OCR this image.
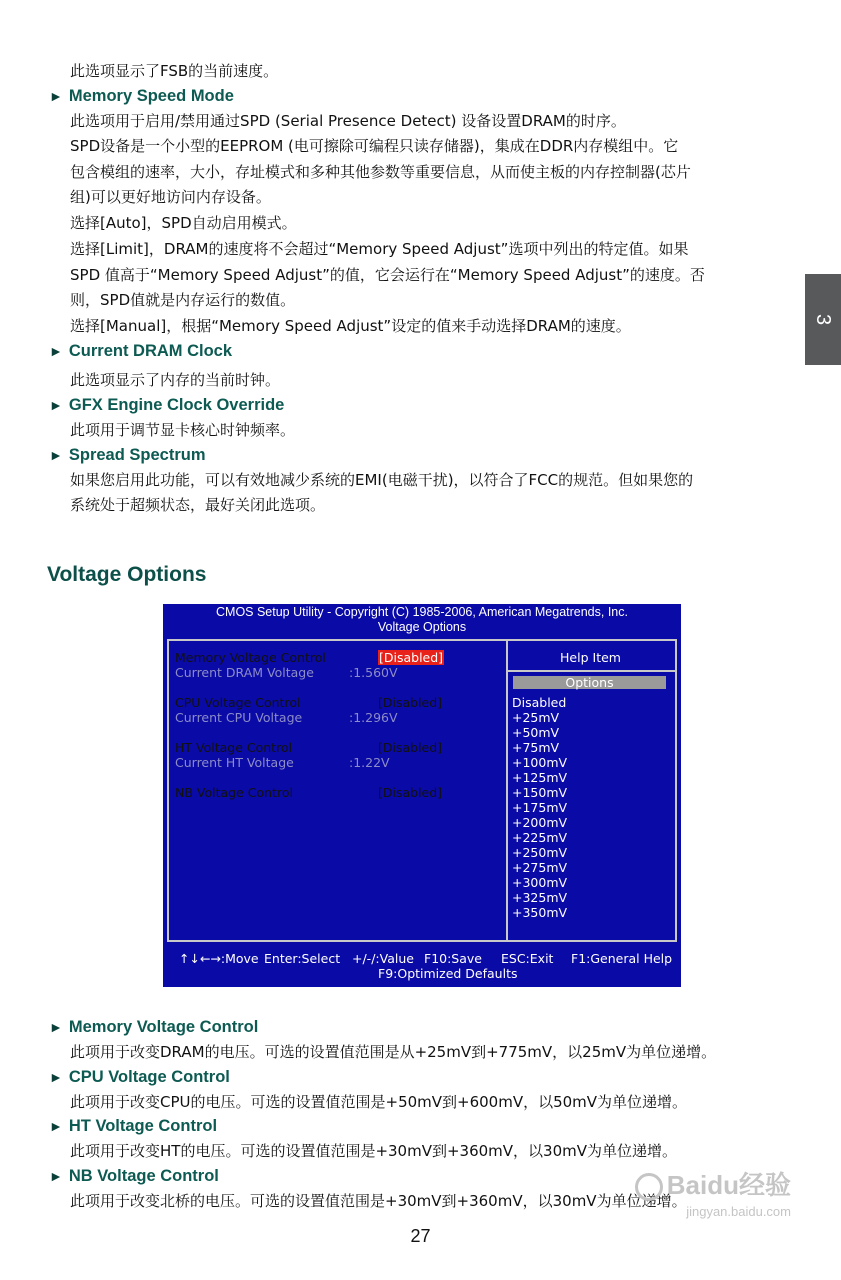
此选项显示了FSB的当前速度。

► Memory Speed Mode

此选项用于启用/禁用通过SPD (Serial Presence Detect) 设备设置DRAM的时序。

SPD设备是一个小型的EEPROM (电可擦除可编程只读存储器)，集成在DDR内存模组中。它

包含模组的速率，大小，存址模式和多种其他参数等重要信息，从而使主板的内存控制器(芯片

组)可以更好地访问内存设备。

选择[Auto]，SPD自动启用模式。

选择[Limit]，DRAM的速度将不会超过“Memory Speed Adjust”选项中列出的特定值。如果

SPD 值高于“Memory Speed Adjust”的值，它会运行在“Memory Speed Adjust”的速度。否

则，SPD值就是内存运行的数值。

选择[Manual]，根据“Memory Speed Adjust”设定的值来手动选择DRAM的速度。

► Current DRAM Clock

此选项显示了内存的当前时钟。

► GFX Engine Clock Override

此项用于调节显卡核心时钟频率。

► Spread Spectrum

如果您启用此功能，可以有效地减少系统的EMI(电磁干扰)，以符合了FCC的规范。但如果您的

系统处于超频状态，最好关闭此选项。

Voltage Options
3
CMOS Setup Utility - Copyright (C) 1985-2006, American Megatrends, Inc.
Voltage Options
Memory Voltage Control	[Disabled]
Current DRAM Voltage	:1.560V
CPU Voltage Control	[Disabled]
Current CPU Voltage	:1.296V
HT Voltage Control	[Disabled]
Current HT Voltage	:1.22V
NB Voltage Control	[Disabled]
Help Item
Options
Disabled
+25mV
+50mV
+75mV
+100mV
+125mV
+150mV
+175mV
+200mV
+225mV
+250mV
+275mV
+300mV
+325mV
+350mV
↑↓←→:Move Enter:Select +/-/:Value F10:Save ESC:Exit F1:General Help
F9:Optimized Defaults

► Memory Voltage Control

此项用于改变DRAM的电压。可选的设置值范围是从+25mV到+775mV，以25mV为单位递增。

► CPU Voltage Control

此项用于改变CPU的电压。可选的设置值范围是+50mV到+600mV，以50mV为单位递增。

► HT Voltage Control

此项用于改变HT的电压。可选的设置值范围是+30mV到+360mV，以30mV为单位递增。

► NB Voltage Control

此项用于改变北桥的电压。可选的设置值范围是+30mV到+360mV，以30mV为单位递增。

Baidu经验
jingyan.baidu.com
27
